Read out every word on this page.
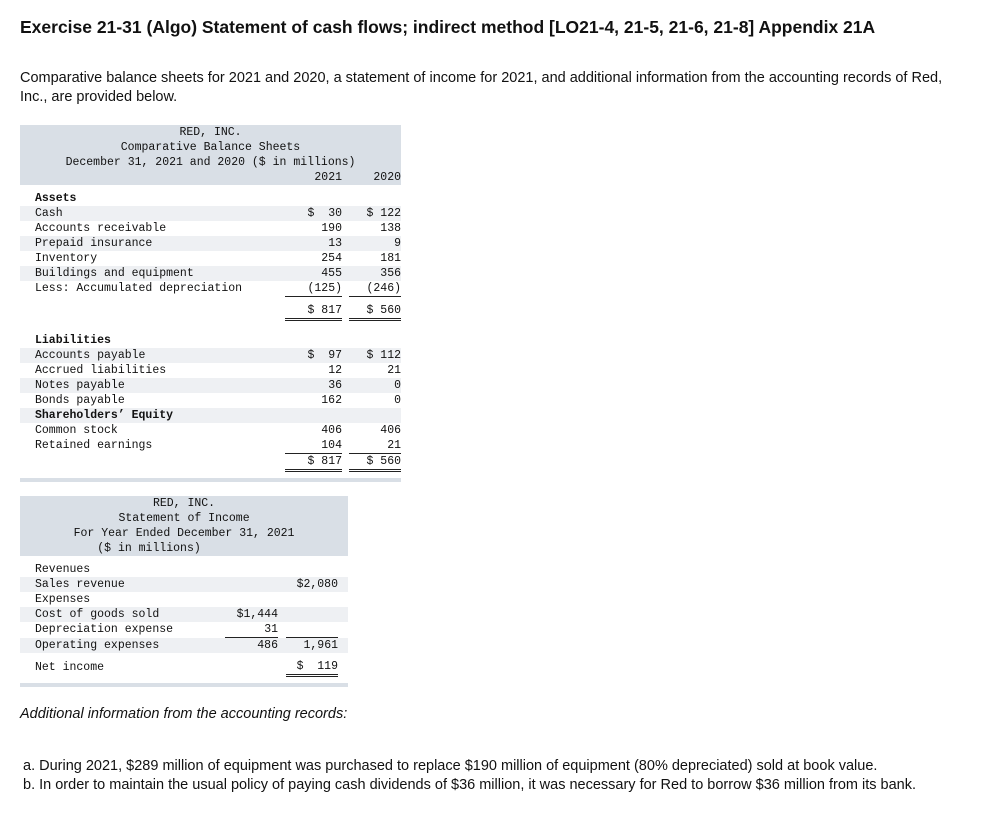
Exercise 21-31 (Algo) Statement of cash flows; indirect method [LO21-4, 21-5, 21-6, 21-8] Appendix 21A
Comparative balance sheets for 2021 and 2020, a statement of income for 2021, and additional information from the accounting records of Red, Inc., are provided below.
RED, INC.				
Comparative Balance Sheets				
December 31, 2021 and 2020 ($ in millions)				
		2021		2020

	Assets			
	Cash	$  30		$ 122
	Accounts receivable	190		138
	Prepaid insurance	13		9
	Inventory	254		181
	Buildings and equipment	455		356
	Less: Accumulated depreciation	(125)		(246)

		$ 817		$ 560

	Liabilities			
	Accounts payable	$  97		$ 112
	Accrued liabilities	12		21
	Notes payable	36		0
	Bonds payable	162		0
	Shareholders’ Equity			
	Common stock	406		406
	Retained earnings	104		21
		$ 817		$ 560

RED, INC.					
Statement of Income					
For Year Ended December 31, 2021					
($ in millions)					

	Revenues				
	Sales revenue			$2,080	
	Expenses				
	Cost of goods sold	$1,444			
	Depreciation expense	31			
	Operating expenses	486		1,961	

	Net income			$  119	

Additional information from the accounting records:
a. During 2021, $289 million of equipment was purchased to replace $190 million of equipment (80% depreciated) sold at book value.
b. In order to maintain the usual policy of paying cash dividends of $36 million, it was necessary for Red to borrow $36 million from its bank.
